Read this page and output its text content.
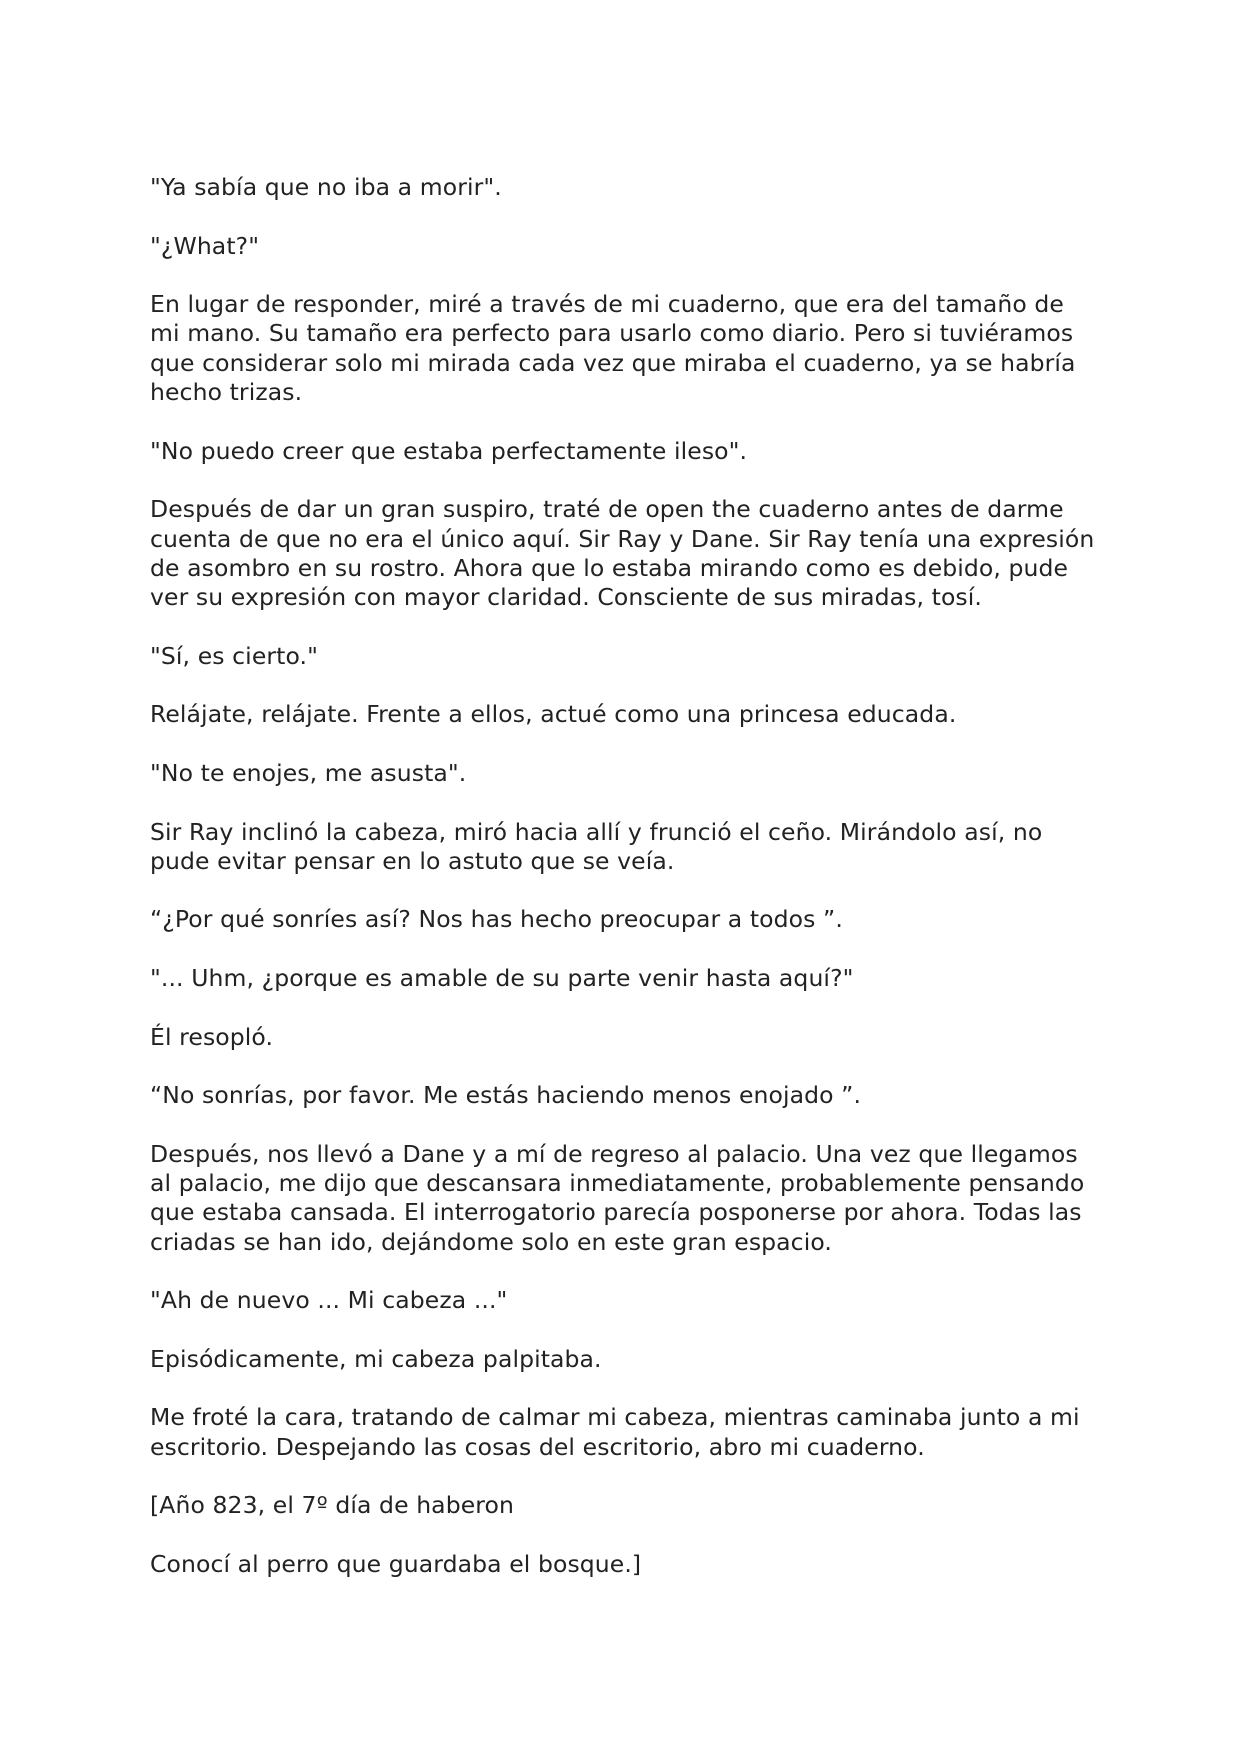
"Ya sabía que no iba a morir".

"¿What?"

En lugar de responder, miré a través de mi cuaderno, que era del tamaño de mi mano. Su tamaño era perfecto para usarlo como diario. Pero si tuviéramos que considerar solo mi mirada cada vez que miraba el cuaderno, ya se habría hecho trizas.

"No puedo creer que estaba perfectamente ileso".

Después de dar un gran suspiro, traté de open the cuaderno antes de darme cuenta de que no era el único aquí. Sir Ray y Dane. Sir Ray tenía una expresión de asombro en su rostro. Ahora que lo estaba mirando como es debido, pude ver su expresión con mayor claridad. Consciente de sus miradas, tosí.

"Sí, es cierto."

Relájate, relájate. Frente a ellos, actué como una princesa educada.

"No te enojes, me asusta".

Sir Ray inclinó la cabeza, miró hacia allí y frunció el ceño. Mirándolo así, no pude evitar pensar en lo astuto que se veía.

“¿Por qué sonríes así? Nos has hecho preocupar a todos ”.

"... Uhm, ¿porque es amable de su parte venir hasta aquí?"

Él resopló.

“No sonrías, por favor. Me estás haciendo menos enojado ”.

Después, nos llevó a Dane y a mí de regreso al palacio. Una vez que llegamos al palacio, me dijo que descansara inmediatamente, probablemente pensando que estaba cansada. El interrogatorio parecía posponerse por ahora. Todas las criadas se han ido, dejándome solo en este gran espacio.

"Ah de nuevo ... Mi cabeza ..."

Episódicamente, mi cabeza palpitaba.

Me froté la cara, tratando de calmar mi cabeza, mientras caminaba junto a mi escritorio. Despejando las cosas del escritorio, abro mi cuaderno.

[Año 823, el 7º día de haberon

Conocí al perro que guardaba el bosque.]
